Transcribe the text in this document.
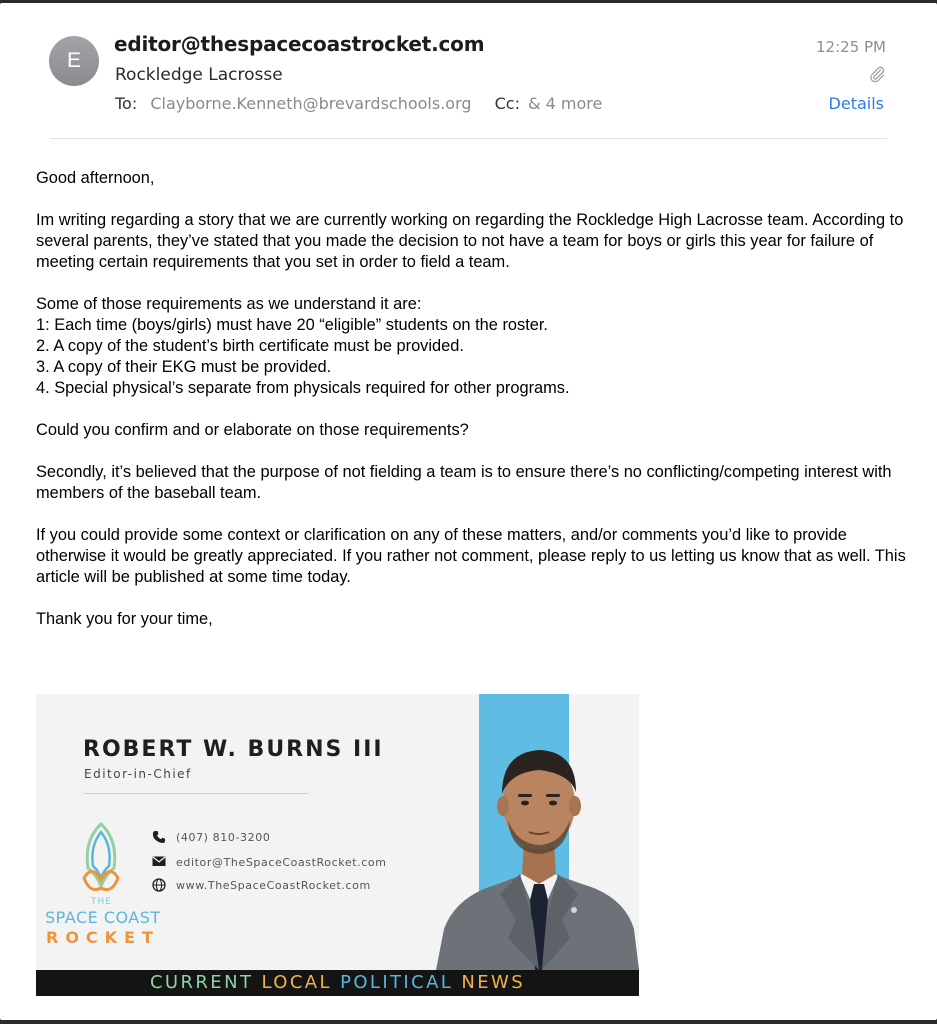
E
editor@thespacecoastrocket.com
Rockledge Lacrosse
To: Clayborne.Kenneth@brevardschools.org Cc: & 4 more
12:25 PM
Details

Good afternoon,

Im writing regarding a story that we are currently working on regarding the Rockledge High Lacrosse team. According to several parents, they’ve stated that you made the decision to not have a team for boys or girls this year for failure of meeting certain requirements that you set in order to field a team.

Some of those requirements as we understand it are:
1: Each time (boys/girls) must have 20 “eligible” students on the roster.
2. A copy of the student’s birth certificate must be provided.
3. A copy of their EKG must be provided.
4. Special physical’s separate from physicals required for other programs.

Could you confirm and or elaborate on those requirements?

Secondly, it’s believed that the purpose of not fielding a team is to ensure there’s no conflicting/competing interest with members of the baseball team.

If you could provide some context or clarification on any of these matters, and/or comments you’d like to provide otherwise it would be greatly appreciated. If you rather not comment, please reply to us letting us know that as well. This article will be published at some time today.

Thank you for your time,

ROBERT W. BURNS III
Editor-in-Chief
(407) 810-3200
editor@TheSpaceCoastRocket.com
www.TheSpaceCoastRocket.com
THE
SPACE COAST
ROCKET
CURRENT LOCAL POLITICAL NEWS
